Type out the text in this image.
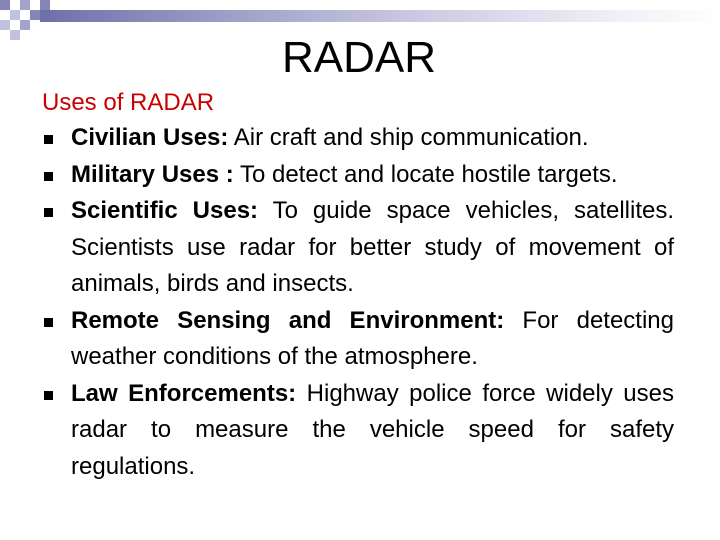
RADAR
Uses of RADAR
Civilian Uses: Air craft and ship communication.
Military Uses : To detect and locate hostile targets.
Scientific Uses: To guide space vehicles, satellites. Scientists use radar for better study of movement of animals, birds and insects.
Remote Sensing and Environment: For detecting weather conditions of the atmosphere.
Law Enforcements: Highway police force widely uses radar to measure the vehicle speed for safety regulations.
